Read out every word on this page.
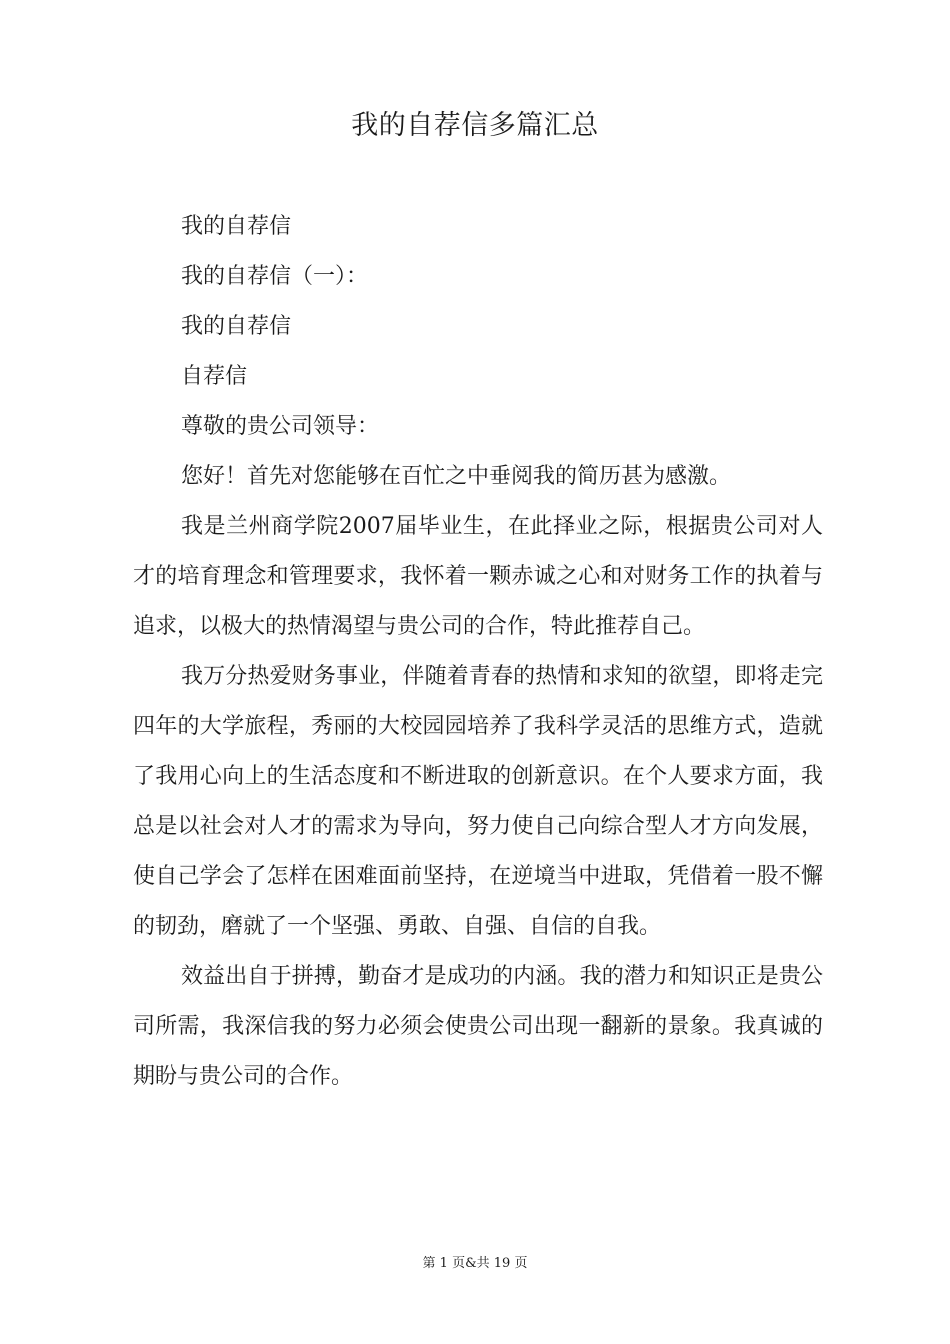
我的自荐信多篇汇总

我的自荐信

我的自荐信（一）：

我的自荐信

自荐信

尊敬的贵公司领导：

您好！首先对您能够在百忙之中垂阅我的简历甚为感激。

我是兰州商学院2007届毕业生，在此择业之际，根据贵公司对人才的培育理念和管理要求，我怀着一颗赤诚之心和对财务工作的执着与追求，以极大的热情渴望与贵公司的合作，特此推荐自己。

我万分热爱财务事业，伴随着青春的热情和求知的欲望，即将走完四年的大学旅程，秀丽的大校园园培养了我科学灵活的思维方式，造就了我用心向上的生活态度和不断进取的创新意识。在个人要求方面，我总是以社会对人才的需求为导向，努力使自己向综合型人才方向发展，使自己学会了怎样在困难面前坚持，在逆境当中进取，凭借着一股不懈的韧劲，磨就了一个坚强、勇敢、自强、自信的自我。

效益出自于拼搏，勤奋才是成功的内涵。我的潜力和知识正是贵公司所需，我深信我的努力必须会使贵公司出现一翻新的景象。我真诚的期盼与贵公司的合作。

第 1 页&共 19 页
